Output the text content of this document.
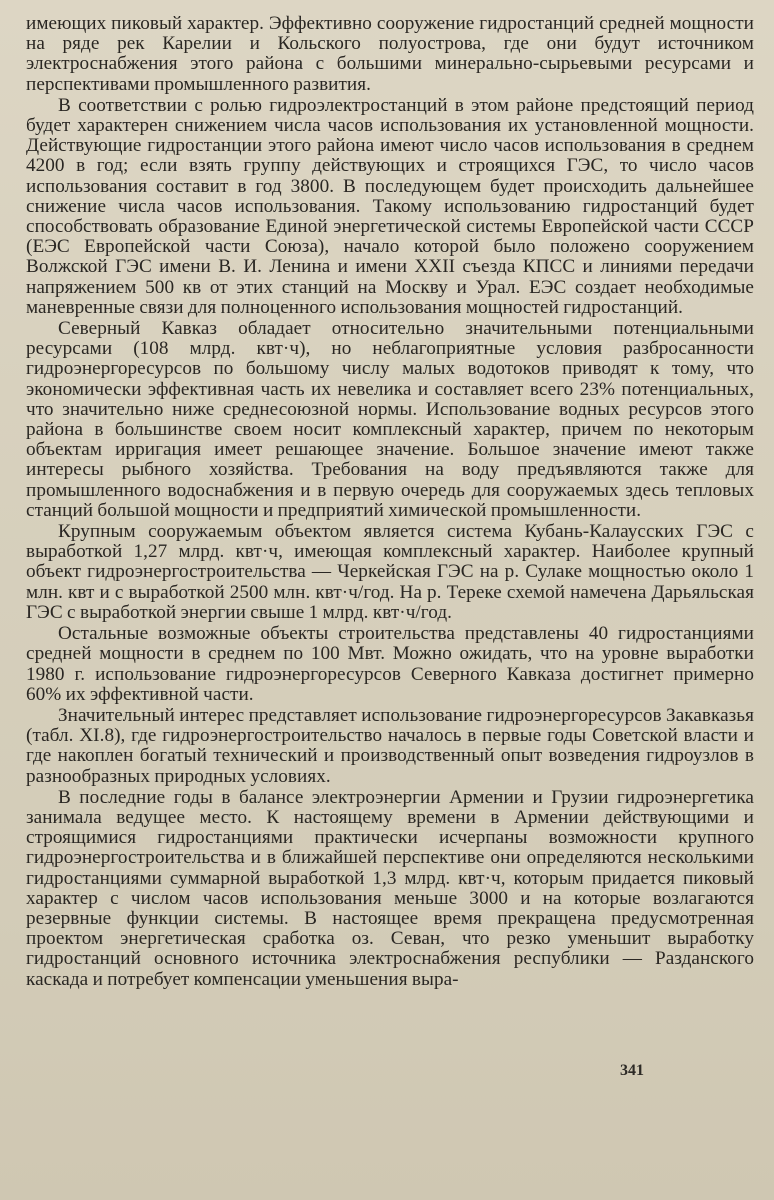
имеющих пиковый характер. Эффективно сооружение гидростанций средней мощности на ряде рек Карелии и Кольского полуострова, где они будут источником электроснабжения этого района с большими минерально-сырьевыми ресурсами и перспективами промышленного развития.

В соответствии с ролью гидроэлектростанций в этом районе предстоящий период будет характерен снижением числа часов использования их установленной мощности. Действующие гидростанции этого района имеют число часов использования в среднем 4200 в год; если взять группу действующих и строящихся ГЭС, то число часов использования составит в год 3800. В последующем будет происходить дальнейшее снижение числа часов использования. Такому использованию гидростанций будет способствовать образование Единой энергетической системы Европейской части СССР (ЕЭС Европейской части Союза), начало которой было положено сооружением Волжской ГЭС имени В. И. Ленина и имени XXII съезда КПСС и линиями передачи напряжением 500 кв от этих станций на Москву и Урал. ЕЭС создает необходимые маневренные связи для полноценного использования мощностей гидростанций.

Северный Кавказ обладает относительно значительными потенциальными ресурсами (108 млрд. квт·ч), но неблагоприятные условия разбросанности гидроэнергоресурсов по большому числу малых водотоков приводят к тому, что экономически эффективная часть их невелика и составляет всего 23% потенциальных, что значительно ниже среднесоюзной нормы. Использование водных ресурсов этого района в большинстве своем носит комплексный характер, причем по некоторым объектам ирригация имеет решающее значение. Большое значение имеют также интересы рыбного хозяйства. Требования на воду предъявляются также для промышленного водоснабжения и в первую очередь для сооружаемых здесь тепловых станций большой мощности и предприятий химической промышленности.

Крупным сооружаемым объектом является система Кубань-Калаусских ГЭС с выработкой 1,27 млрд. квт·ч, имеющая комплексный характер. Наиболее крупный объект гидроэнергостроительства — Черкейская ГЭС на р. Сулаке мощностью около 1 млн. квт и с выработкой 2500 млн. квт·ч/год. На р. Тереке схемой намечена Дарьяльская ГЭС с выработкой энергии свыше 1 млрд. квт·ч/год.

Остальные возможные объекты строительства представлены 40 гидростанциями средней мощности в среднем по 100 Мвт. Можно ожидать, что на уровне выработки 1980 г. использование гидроэнергоресурсов Северного Кавказа достигнет примерно 60% их эффективной части.

Значительный интерес представляет использование гидроэнергоресурсов Закавказья (табл. XI.8), где гидроэнергостроительство началось в первые годы Советской власти и где накоплен богатый технический и производственный опыт возведения гидроузлов в разнообразных природных условиях.

В последние годы в балансе электроэнергии Армении и Грузии гидроэнергетика занимала ведущее место. К настоящему времени в Армении действующими и строящимися гидростанциями практически исчерпаны возможности крупного гидроэнергостроительства и в ближайшей перспективе они определяются несколькими гидростанциями суммарной выработкой 1,3 млрд. квт·ч, которым придается пиковый характер с числом часов использования меньше 3000 и на которые возлагаются резервные функции системы. В настоящее время прекращена предусмотренная проектом энергетическая сработка оз. Севан, что резко уменьшит выработку гидростанций основного источника электроснабжения республики — Разданского каскада и потребует компенсации уменьшения выра-

341
